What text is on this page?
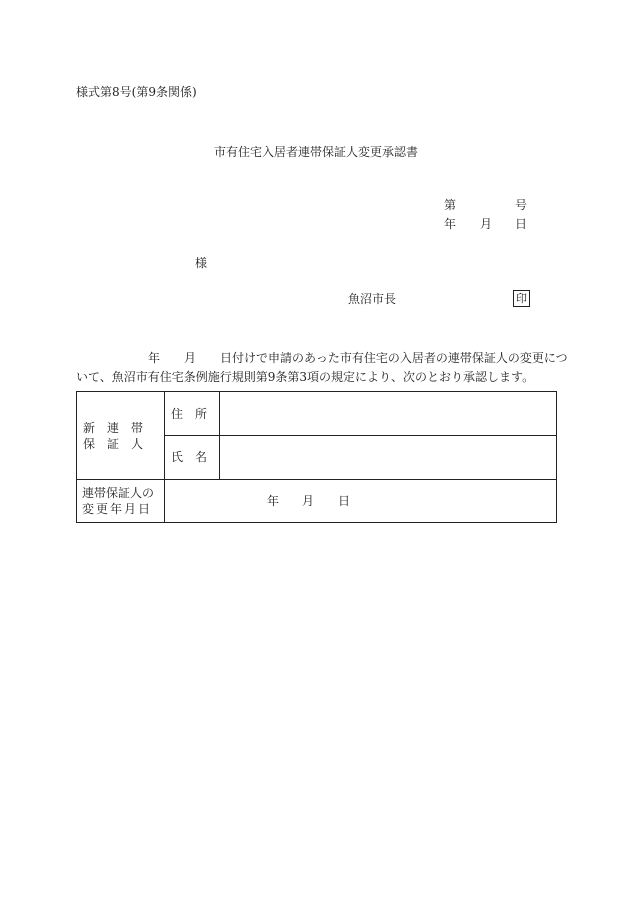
様式第8号(第9条関係)
市有住宅入居者連帯保証人変更承認書
第	号
年 月 日
様
魚沼市長	印
　　　　　　年　　月　　日付けで申請のあった市有住宅の入居者の連帯保証人の変更につ
いて、魚沼市有住宅条例施行規則第9条第3項の規定により、次のとおり承認します。
新　連　帯
保　証　人	住　所	

	氏　名	

連帯保証人の
変更年月日	年 月 日	
